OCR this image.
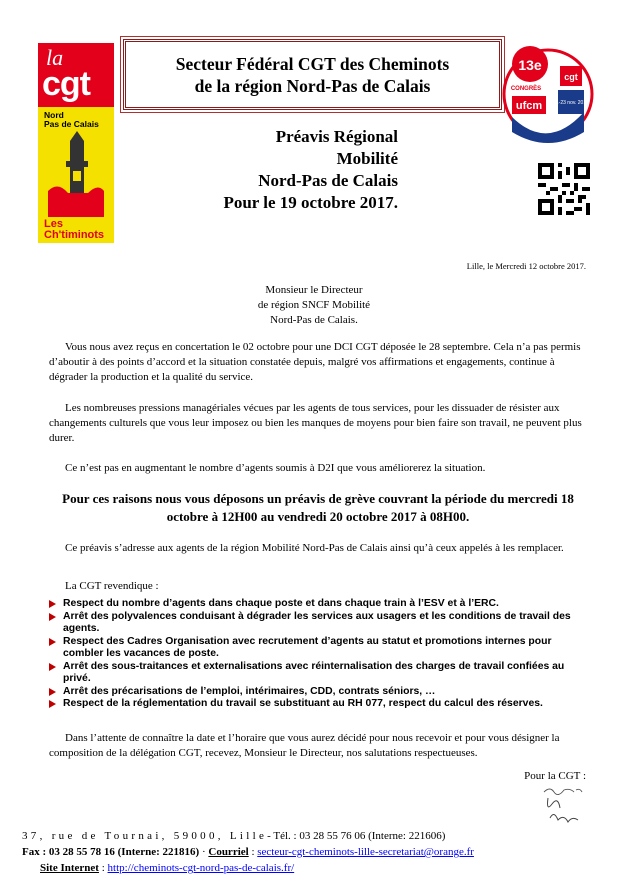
la
cgt
Nord
Pas de Calais
Les
Ch'timinots
Secteur Fédéral CGT des Cheminots
de la région Nord-Pas de Calais
13e
CONGRÈS
ufcm
cgt
21-23 nov. 2017
Préavis Régional
Mobilité
Nord-Pas de Calais
Pour le 19 octobre 2017.
Lille, le Mercredi 12 octobre 2017.
Monsieur le Directeur
de région SNCF Mobilité
Nord-Pas de Calais.
Vous nous avez reçus en concertation le 02 octobre pour une DCI CGT déposée le 28 septembre. Cela n’a pas permis d’aboutir à des points d’accord et la situation constatée depuis, malgré vos affirmations et engagements, continue à dégrader la production et la qualité du service.
Les nombreuses pressions managériales vécues par les agents de tous services, pour les dissuader de résister aux changements culturels que vous leur imposez ou bien les manques de moyens pour bien faire son travail, ne peuvent plus durer.
Ce n’est pas en augmentant le nombre d’agents soumis à D2I que vous améliorerez la situation.
Pour ces raisons nous vous déposons un préavis de grève couvrant la période du mercredi 18 octobre à 12H00 au vendredi 20 octobre 2017 à 08H00.
Ce préavis s’adresse aux agents de la région Mobilité Nord-Pas de Calais ainsi qu’à ceux appelés à les remplacer.
La CGT revendique :
Respect du nombre d’agents dans chaque poste et dans chaque train à l’ESV et à l’ERC.
Arrêt des polyvalences conduisant à dégrader les services aux usagers et les conditions de travail des agents.
Respect des Cadres Organisation avec recrutement d’agents au statut et promotions internes pour combler les vacances de poste.
Arrêt des sous-traitances et externalisations avec réinternalisation des charges de travail confiées au privé.
Arrêt des précarisations de l’emploi, intérimaires, CDD, contrats séniors, …
Respect de la réglementation du travail se substituant au RH 077, respect du calcul des réserves.
Dans l’attente de connaître la date et l’horaire que vous aurez décidé pour nous recevoir et pour vous désigner la composition de la délégation CGT, recevez, Monsieur le Directeur, nos salutations respectueuses.
Pour la CGT :
37, rue de Tournai, 59000, Lille- Tél. : 03 28 55 76 06 (Interne: 221606)
Fax : 03 28 55 78 16 (Interne: 221816) · Courriel : secteur-cgt-cheminots-lille-secretariat@orange.fr
Site Internet : http://cheminots-cgt-nord-pas-de-calais.fr/
